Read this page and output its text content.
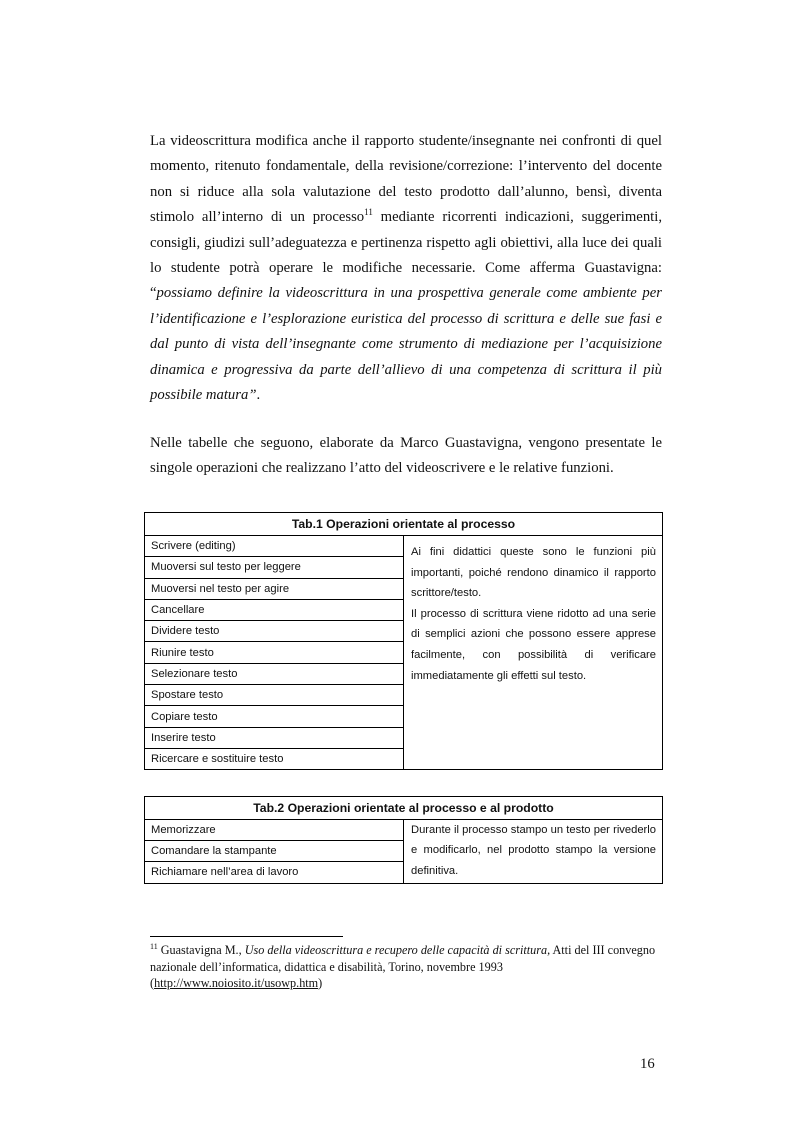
La videoscrittura modifica anche il rapporto studente/insegnante nei confronti di quel momento, ritenuto fondamentale, della revisione/correzione: l’intervento del docente non si riduce alla sola valutazione del testo prodotto dall’alunno, bensì, diventa stimolo all’interno di un processo$^{11}$ mediante ricorrenti indicazioni, suggerimenti, consigli, giudizi sull’adeguatezza e pertinenza rispetto agli obiettivi, alla luce dei quali lo studente potrà operare le modifiche necessarie. Come afferma Guastavigna: “possiamo definire la videoscrittura in una prospettiva generale come ambiente per l’identificazione e l’esplorazione euristica del processo di scrittura e delle sue fasi e dal punto di vista dell’insegnante come strumento di mediazione per l’acquisizione dinamica e progressiva da parte dell’allievo di una competenza di scrittura il più possibile matura”.
Nelle tabelle che seguono, elaborate da Marco Guastavigna, vengono presentate le singole operazioni che realizzano l’atto del videoscrivere e le relative funzioni.
Tab.1 Operazioni orientate al processo
Scrivere (editing)	Ai fini didattici queste sono le funzioni più importanti, poiché rendono dinamico il rapporto scrittore/testo.

Il processo di scrittura viene ridotto ad una serie di semplici azioni che possono essere apprese facilmente, con possibilità di verificare immediatamente gli effetti sul testo.

Muoversi sul testo per leggere
Muoversi nel testo per agire
Cancellare
Dividere testo
Riunire testo
Selezionare testo
Spostare testo
Copiare testo
Inserire testo
Ricercare e sostituire testo
Tab.2 Operazioni orientate al processo e al prodotto
Memorizzare	Durante il processo stampo un testo per rivederlo e modificarlo, nel prodotto stampo la versione definitiva.
Comandare la stampante
Richiamare nell’area di lavoro
$^{11}$ Guastavigna M., Uso della videoscrittura e recupero delle capacità di scrittura, Atti del III convegno nazionale dell’informatica, didattica e disabilità, Torino, novembre 1993 (http://www.noiosito.it/usowp.htm)
16
